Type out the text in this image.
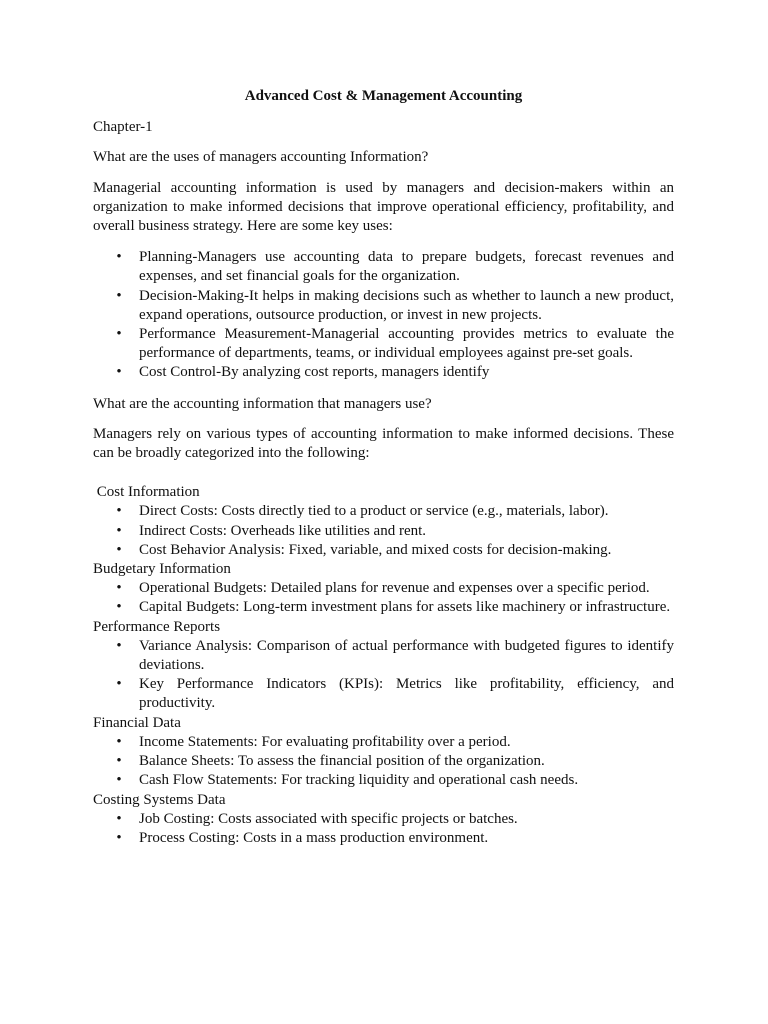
Advanced Cost & Management Accounting

Chapter-1

What are the uses of managers accounting Information?

Managerial accounting information is used by managers and decision-makers within an organization to make informed decisions that improve operational efficiency, profitability, and overall business strategy. Here are some key uses:

• Planning-Managers use accounting data to prepare budgets, forecast revenues and expenses, and set financial goals for the organization.
• Decision-Making-It helps in making decisions such as whether to launch a new product, expand operations, outsource production, or invest in new projects.
• Performance Measurement-Managerial accounting provides metrics to evaluate the performance of departments, teams, or individual employees against pre-set goals.
• Cost Control-By analyzing cost reports, managers identify

What are the accounting information that managers use?

Managers rely on various types of accounting information to make informed decisions. These can be broadly categorized into the following:

Cost Information

• Direct Costs: Costs directly tied to a product or service (e.g., materials, labor).
• Indirect Costs: Overheads like utilities and rent.
• Cost Behavior Analysis: Fixed, variable, and mixed costs for decision-making.

Budgetary Information

• Operational Budgets: Detailed plans for revenue and expenses over a specific period.
• Capital Budgets: Long-term investment plans for assets like machinery or infrastructure.

Performance Reports

• Variance Analysis: Comparison of actual performance with budgeted figures to identify deviations.
• Key Performance Indicators (KPIs): Metrics like profitability, efficiency, and productivity.

Financial Data

• Income Statements: For evaluating profitability over a period.
• Balance Sheets: To assess the financial position of the organization.
• Cash Flow Statements: For tracking liquidity and operational cash needs.

Costing Systems Data

• Job Costing: Costs associated with specific projects or batches.
• Process Costing: Costs in a mass production environment.
